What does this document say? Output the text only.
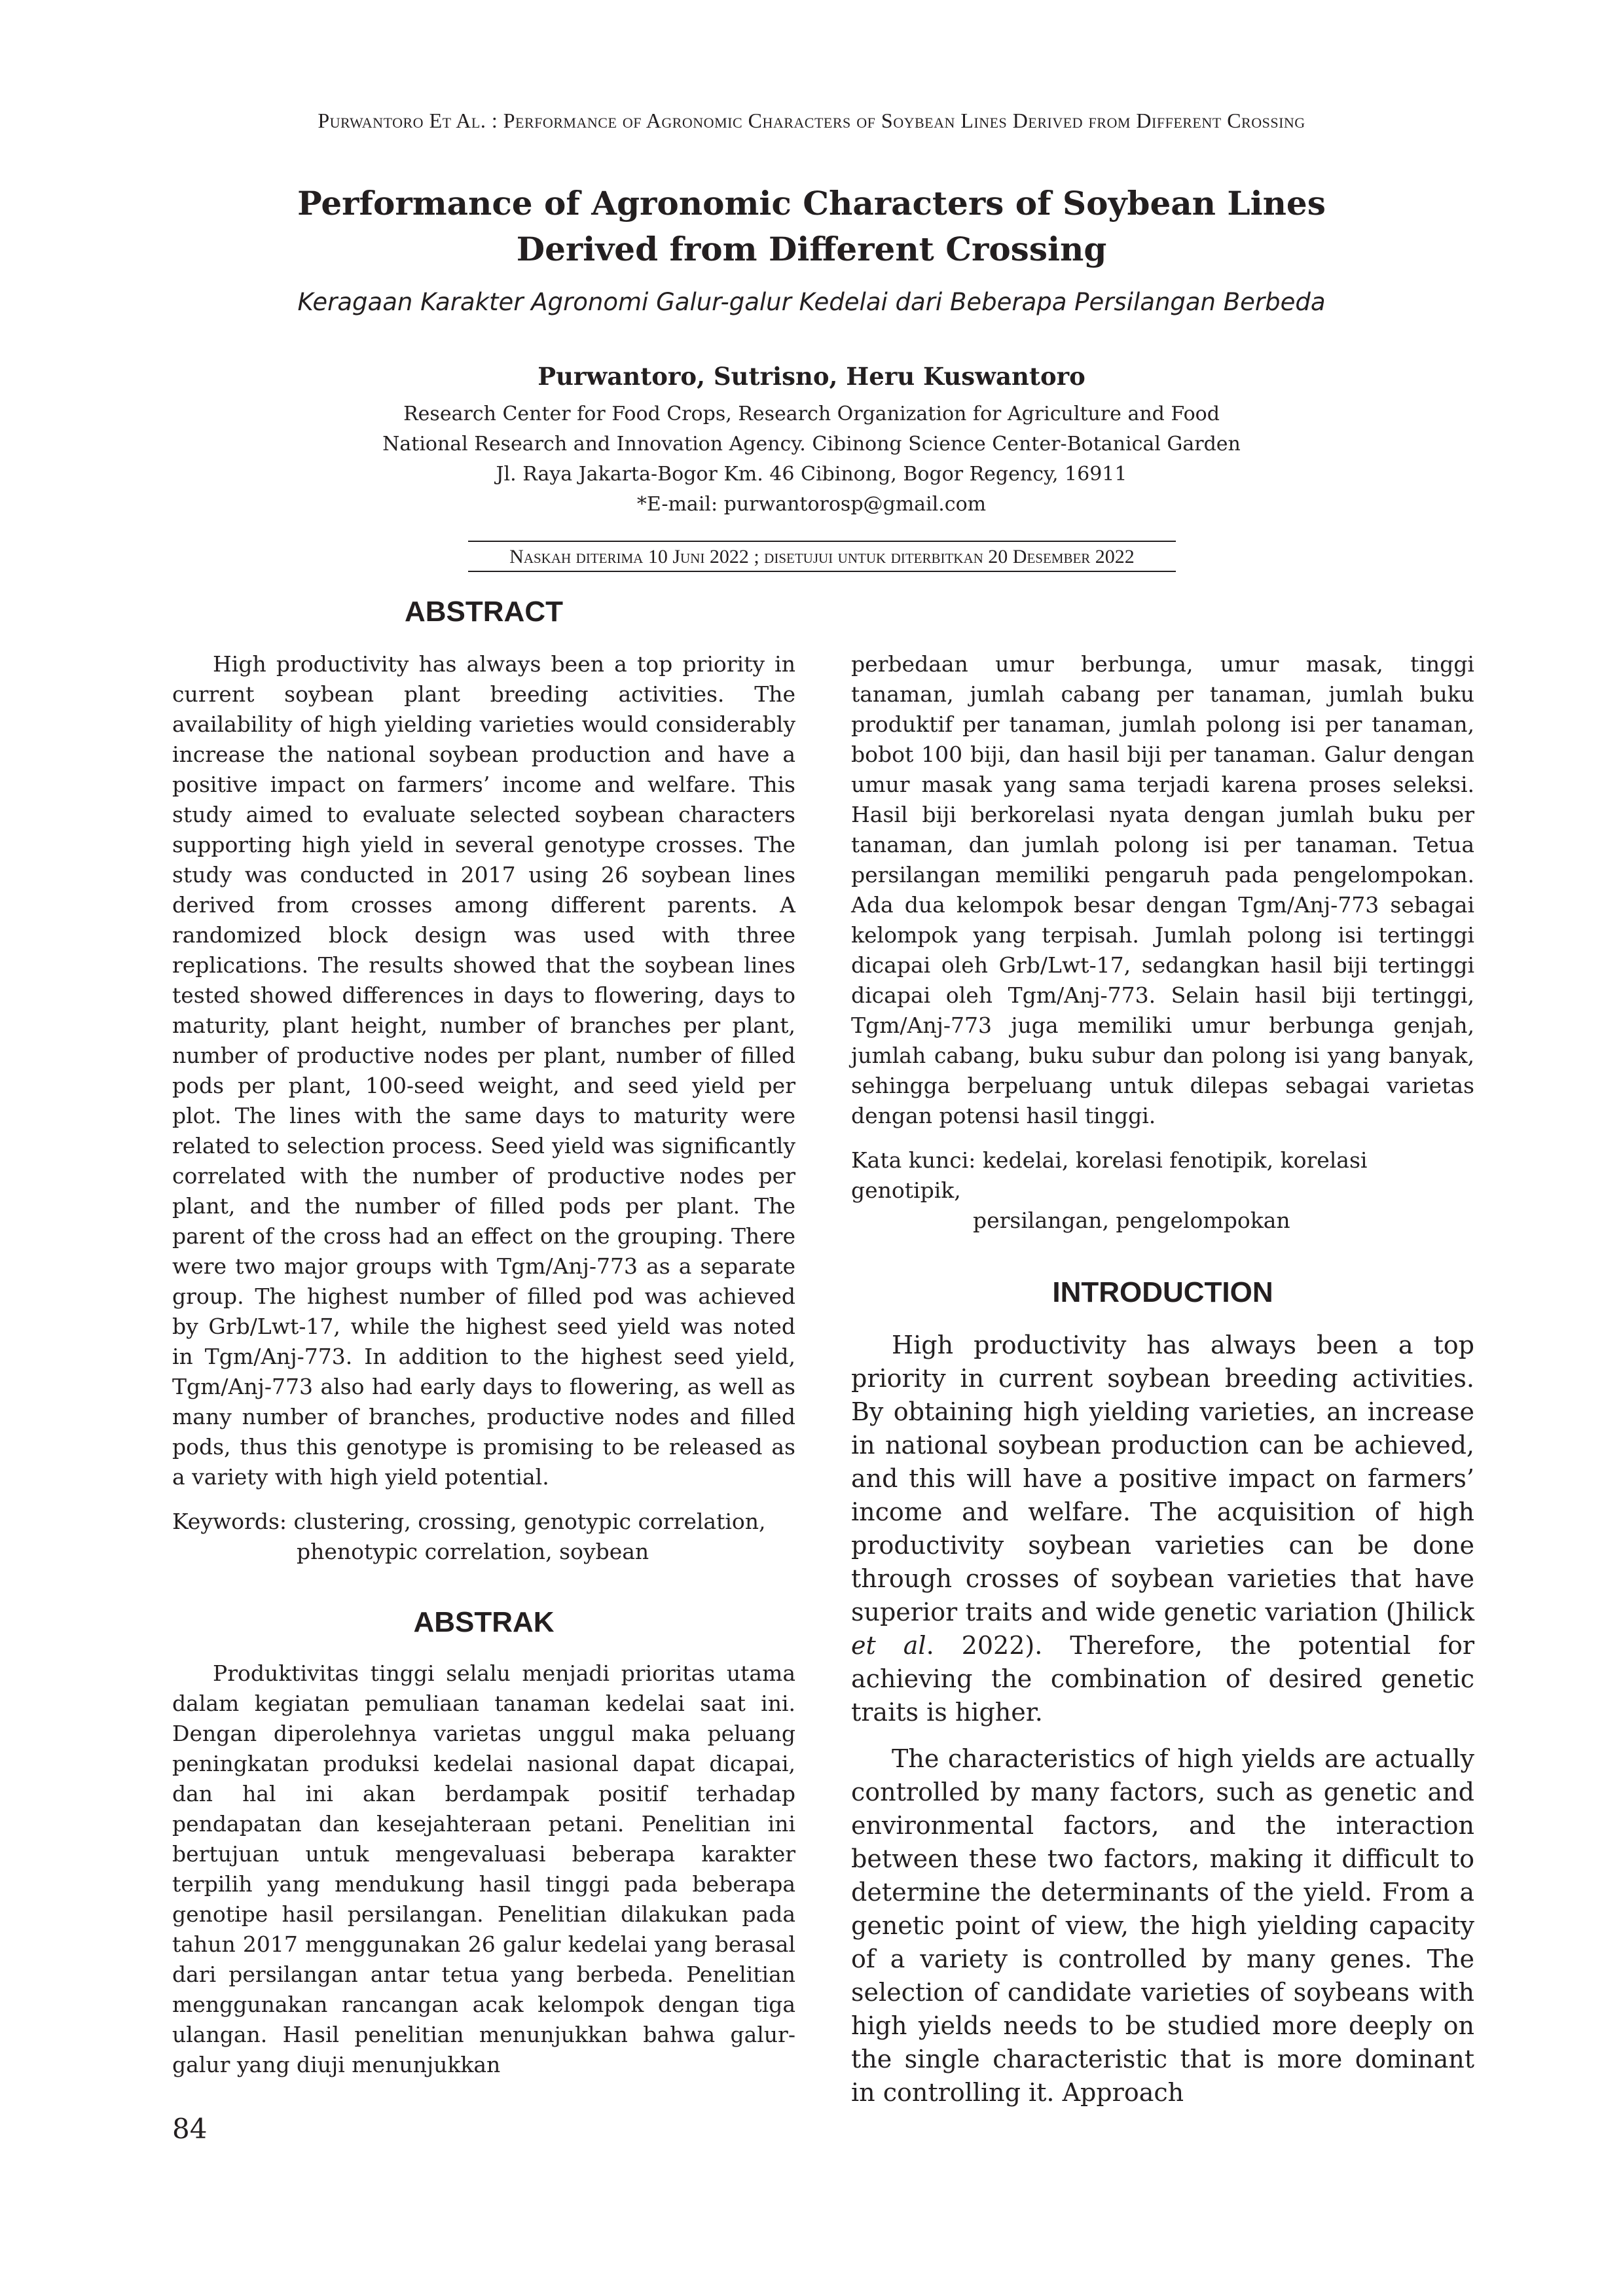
Purwantoro Et Al. : Performance of Agronomic Characters of Soybean Lines Derived from Different Crossing
Performance of Agronomic Characters of Soybean Lines
Derived from Different Crossing
Keragaan Karakter Agronomi Galur-galur Kedelai dari Beberapa Persilangan Berbeda
Purwantoro, Sutrisno, Heru Kuswantoro
Research Center for Food Crops, Research Organization for Agriculture and Food
National Research and Innovation Agency. Cibinong Science Center-Botanical Garden
Jl. Raya Jakarta-Bogor Km. 46 Cibinong, Bogor Regency, 16911
*E-mail: purwantorosp@gmail.com
Naskah diterima 10 Juni 2022 ; disetujui untuk diterbitkan 20 Desember 2022
ABSTRACT

High productivity has always been a top priority in current soybean plant breeding activities. The availability of high yielding varieties would considerably increase the national soybean production and have a positive impact on farmers’ income and welfare. This study aimed to evaluate selected soybean characters supporting high yield in several genotype crosses. The study was conducted in 2017 using 26 soybean lines derived from crosses among different parents. A randomized block design was used with three replications. The results showed that the soybean lines tested showed differences in days to flowering, days to maturity, plant height, number of branches per plant, number of productive nodes per plant, number of filled pods per plant, 100-seed weight, and seed yield per plot. The lines with the same days to maturity were related to selection process. Seed yield was significantly correlated with the number of productive nodes per plant, and the number of filled pods per plant. The parent of the cross had an effect on the grouping. There were two major groups with Tgm/Anj-773 as a separate group. The highest number of filled pod was achieved by Grb/Lwt-17, while the highest seed yield was noted in Tgm/Anj-773. In addition to the highest seed yield, Tgm/Anj-773 also had early days to flowering, as well as many number of branches, productive nodes and filled pods, thus this genotype is promising to be released as a variety with high yield potential.

Keywords: clustering, crossing, genotypic correlation,
phenotypic correlation, soybean
ABSTRAK

Produktivitas tinggi selalu menjadi prioritas utama dalam kegiatan pemuliaan tanaman kedelai saat ini. Dengan diperolehnya varietas unggul maka peluang peningkatan produksi kedelai nasional dapat dicapai, dan hal ini akan berdampak positif terhadap pendapatan dan kesejahteraan petani. Penelitian ini bertujuan untuk mengevaluasi beberapa karakter terpilih yang mendukung hasil tinggi pada beberapa genotipe hasil persilangan. Penelitian dilakukan pada tahun 2017 menggunakan 26 galur kedelai yang berasal dari persilangan antar tetua yang berbeda. Penelitian menggunakan rancangan acak kelompok dengan tiga ulangan. Hasil penelitian menunjukkan bahwa galur-galur yang diuji menunjukkan

perbedaan umur berbunga, umur masak, tinggi tanaman, jumlah cabang per tanaman, jumlah buku produktif per tanaman, jumlah polong isi per tanaman, bobot 100 biji, dan hasil biji per tanaman. Galur dengan umur masak yang sama terjadi karena proses seleksi. Hasil biji berkorelasi nyata dengan jumlah buku per tanaman, dan jumlah polong isi per tanaman. Tetua persilangan memiliki pengaruh pada pengelompokan. Ada dua kelompok besar dengan Tgm/Anj-773 sebagai kelompok yang terpisah. Jumlah polong isi tertinggi dicapai oleh Grb/Lwt-17, sedangkan hasil biji tertinggi dicapai oleh Tgm/Anj-773. Selain hasil biji tertinggi, Tgm/Anj-773 juga memiliki umur berbunga genjah, jumlah cabang, buku subur dan polong isi yang banyak, sehingga berpeluang untuk dilepas sebagai varietas dengan potensi hasil tinggi.

Kata kunci: kedelai, korelasi fenotipik, korelasi genotipik,
persilangan, pengelompokan
INTRODUCTION

High productivity has always been a top priority in current soybean breeding activities. By obtaining high yielding varieties, an increase in national soybean production can be achieved, and this will have a positive impact on farmers’ income and welfare. The acquisition of high productivity soybean varieties can be done through crosses of soybean varieties that have superior traits and wide genetic variation (Jhilick et al. 2022). Therefore, the potential for achieving the combination of desired genetic traits is higher.

The characteristics of high yields are actually controlled by many factors, such as genetic and environmental factors, and the interaction between these two factors, making it difficult to determine the determinants of the yield. From a genetic point of view, the high yielding capacity of a variety is controlled by many genes. The selection of candidate varieties of soybeans with high yields needs to be studied more deeply on the single characteristic that is more dominant in controlling it. Approach

84
